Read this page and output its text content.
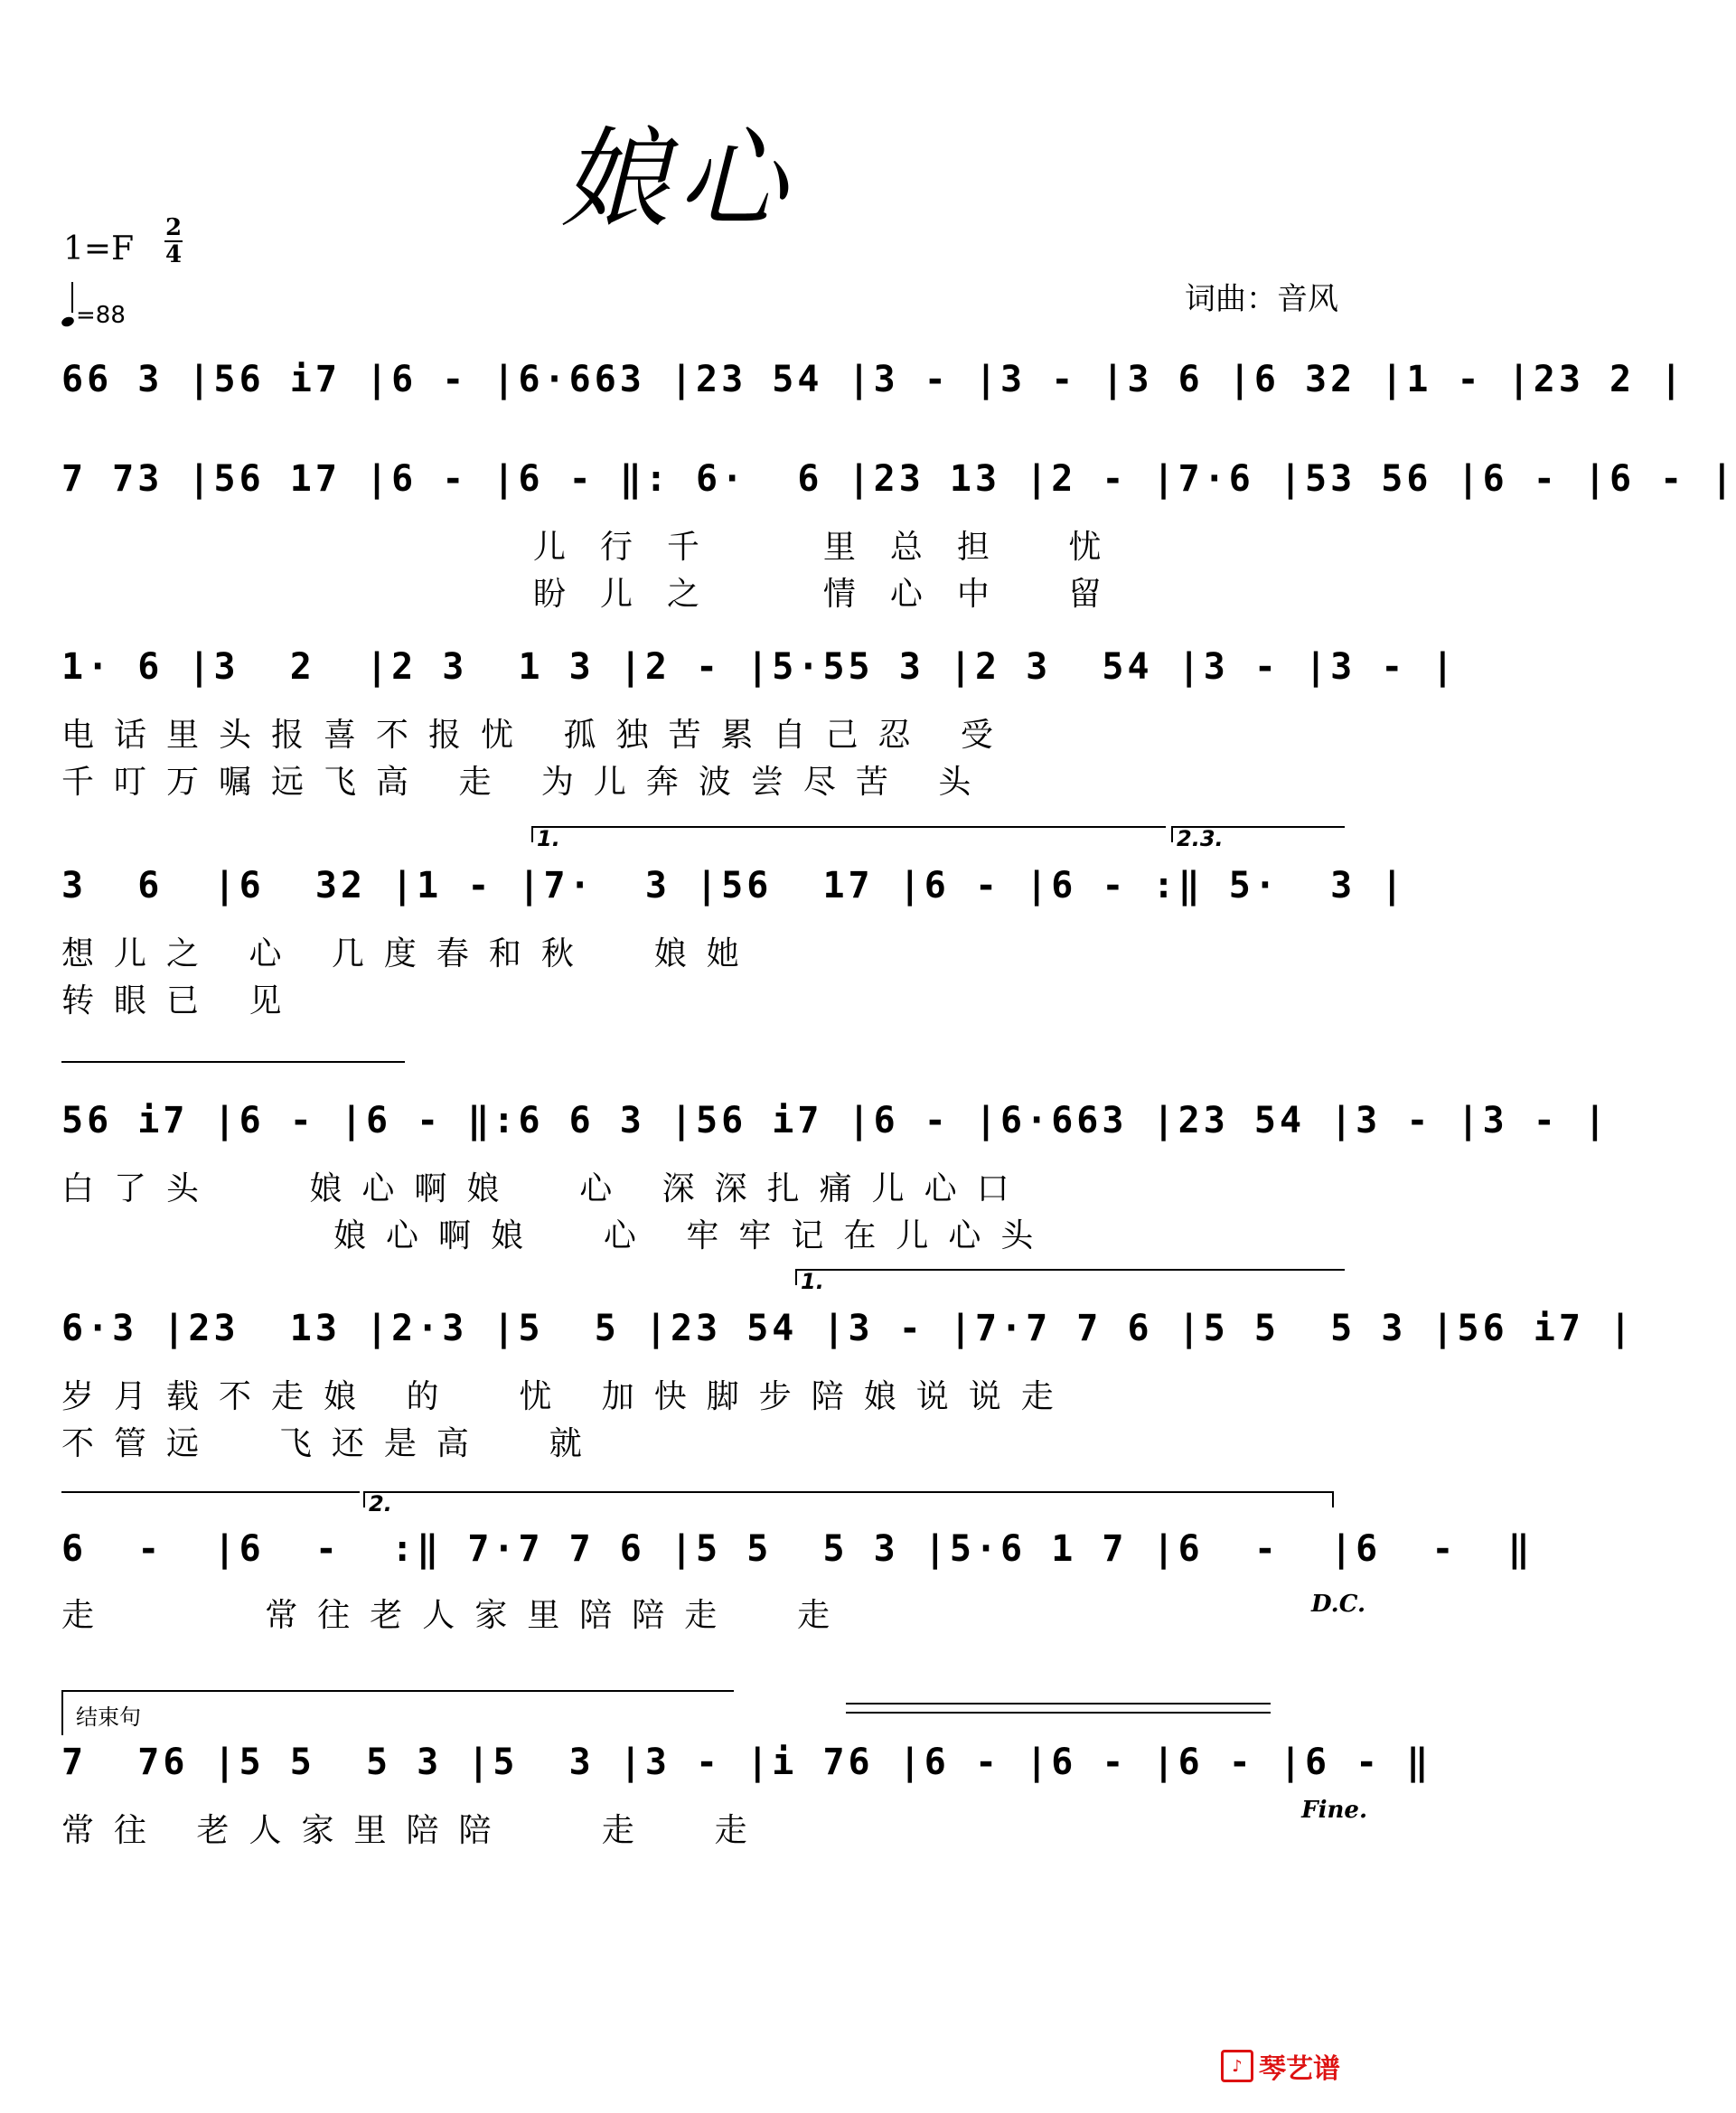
娘心
1=F
2
4
=88	词曲：音风
66 3 |56 i7 |6 - |6·663 |23 54 |3 - |3 - |3 6 |6 32 |1 - |23 2 |
7 73 |56 17 |6 - |6 - ‖: 6·  6 |23 13 |2 - |7·6 |53 56 |6 - |6 - |
儿行千  里总担 忧
盼儿之  情心中 留
1· 6 |3  2  |2 3  1 3 |2 - |5·55 3 |2 3  54 |3 - |3 - |
电话里头报喜不报忧 孤独苦累自己忍 受
千叮万嘱远飞高 走 为儿奔波尝尽苦 头
1.	2.3.
3  6  |6  32 |1 - |7·  3 |56  17 |6 - |6 - :‖ 5·  3 |
想儿之 心 几度春和秋  娘她
转眼已 见
56 i7 |6 - |6 - ‖:6 6 3 |56 i7 |6 - |6·663 |23 54 |3 - |3 - |
白了头   娘心啊娘  心 深深扎痛儿心口
娘心啊娘  心 牢牢记在儿心头
1.
6·3 |23  13 |2·3 |5  5 |23 54 |3 - |7·7 7 6 |5 5  5 3 |56 i7 |
岁月载不走娘 的  忧 加快脚步陪娘说说走
不管远  飞还是高  就
2.
6  -  |6  -  :‖ 7·7 7 6 |5 5  5 3 |5·6 1 7 |6  -  |6  -  ‖
D.C.
走     常往老人家里陪陪走  走
结束句
7  76 |5 5  5 3 |5  3 |3 - |i 76 |6 - |6 - |6 - |6 - ‖
Fine.
常往 老人家里陪陪   走  走
♪ 琴艺谱
